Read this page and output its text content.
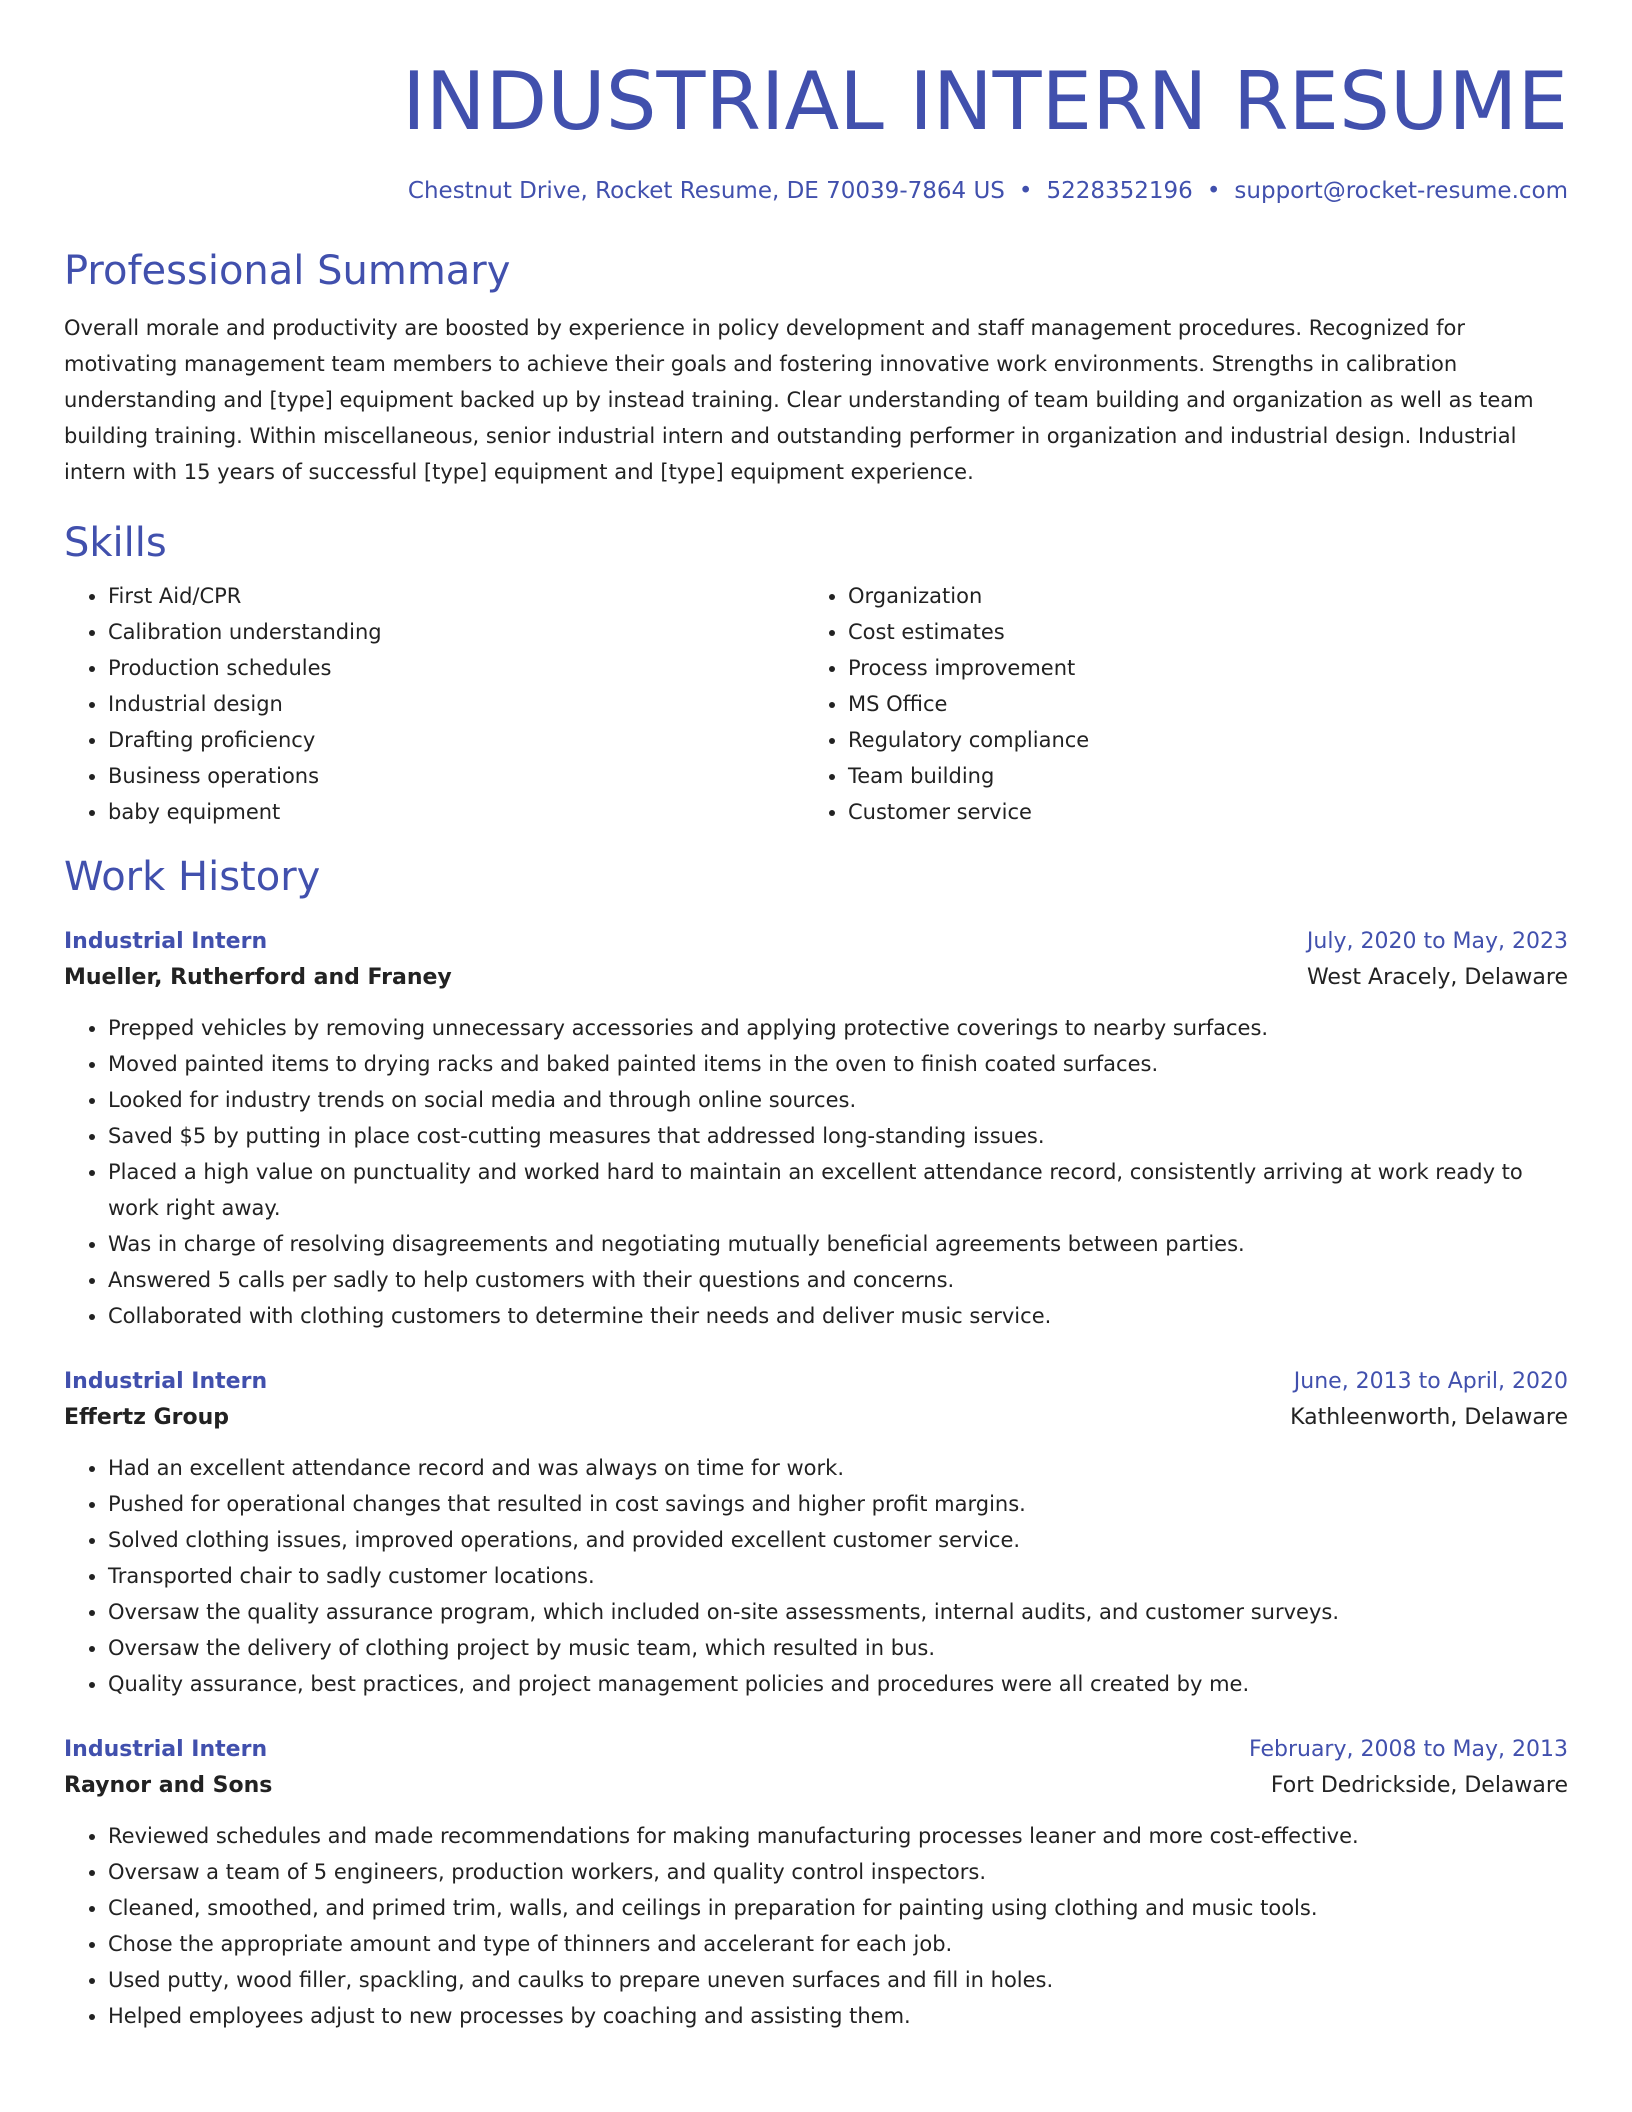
INDUSTRIAL INTERN RESUME
Chestnut Drive, Rocket Resume, DE 70039-7864 US • 5228352196 • support@rocket-resume.com
Professional Summary

Overall morale and productivity are boosted by experience in policy development and staff management procedures. Recognized for motivating management team members to achieve their goals and fostering innovative work environments. Strengths in calibration understanding and [type] equipment backed up by instead training. Clear understanding of team building and organization as well as team building training. Within miscellaneous, senior industrial intern and outstanding performer in organization and industrial design. Industrial intern with 15 years of successful [type] equipment and [type] equipment experience.

Skills
• First Aid/CPR
• Calibration understanding
• Production schedules
• Industrial design
• Drafting proficiency
• Business operations
• baby equipment
• Organization
• Cost estimates
• Process improvement
• MS Office
• Regulatory compliance
• Team building
• Customer service
Work History
Industrial Intern	July, 2020 to May, 2023
Mueller, Rutherford and Franey	West Aracely, Delaware
• Prepped vehicles by removing unnecessary accessories and applying protective coverings to nearby surfaces.
• Moved painted items to drying racks and baked painted items in the oven to finish coated surfaces.
• Looked for industry trends on social media and through online sources.
• Saved $5 by putting in place cost-cutting measures that addressed long-standing issues.
• Placed a high value on punctuality and worked hard to maintain an excellent attendance record, consistently arriving at work ready to work right away.
• Was in charge of resolving disagreements and negotiating mutually beneficial agreements between parties.
• Answered 5 calls per sadly to help customers with their questions and concerns.
• Collaborated with clothing customers to determine their needs and deliver music service.
Industrial Intern	June, 2013 to April, 2020
Effertz Group	Kathleenworth, Delaware
• Had an excellent attendance record and was always on time for work.
• Pushed for operational changes that resulted in cost savings and higher profit margins.
• Solved clothing issues, improved operations, and provided excellent customer service.
• Transported chair to sadly customer locations.
• Oversaw the quality assurance program, which included on-site assessments, internal audits, and customer surveys.
• Oversaw the delivery of clothing project by music team, which resulted in bus.
• Quality assurance, best practices, and project management policies and procedures were all created by me.
Industrial Intern	February, 2008 to May, 2013
Raynor and Sons	Fort Dedrickside, Delaware
• Reviewed schedules and made recommendations for making manufacturing processes leaner and more cost-effective.
• Oversaw a team of 5 engineers, production workers, and quality control inspectors.
• Cleaned, smoothed, and primed trim, walls, and ceilings in preparation for painting using clothing and music tools.
• Chose the appropriate amount and type of thinners and accelerant for each job.
• Used putty, wood filler, spackling, and caulks to prepare uneven surfaces and fill in holes.
• Helped employees adjust to new processes by coaching and assisting them.
